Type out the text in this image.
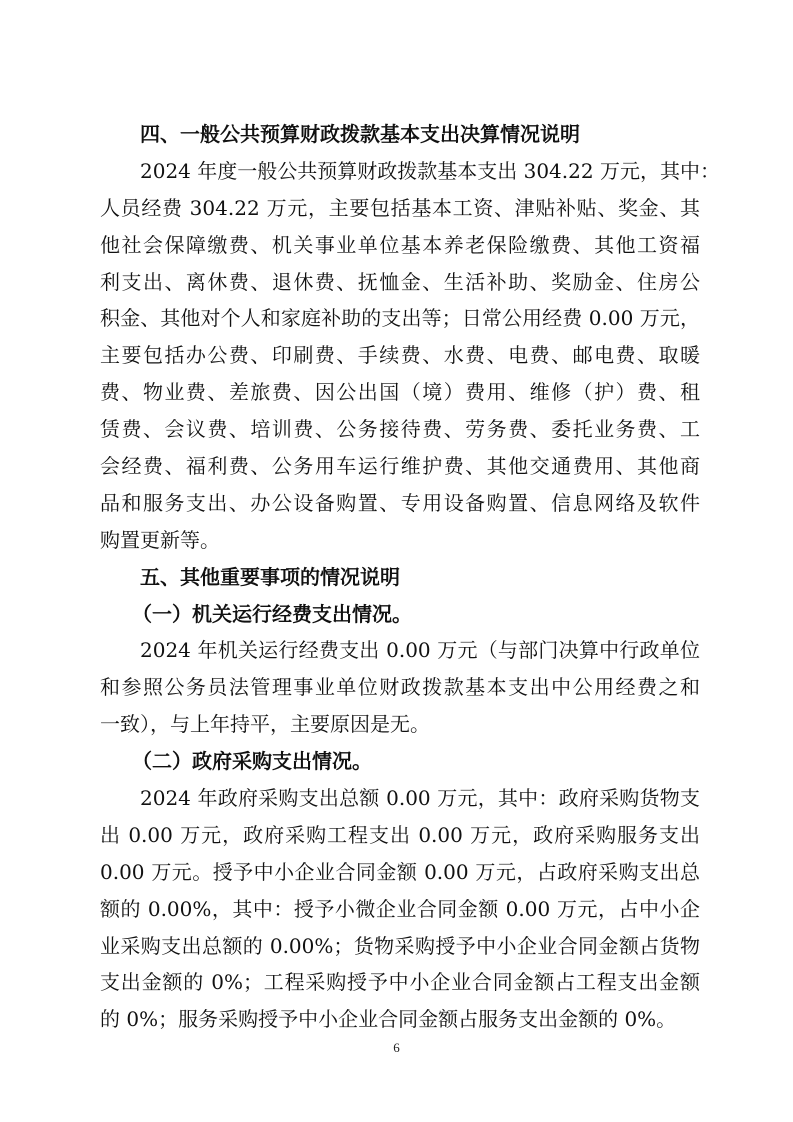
四、一般公共预算财政拨款基本支出决算情况说明
2024 年度一般公共预算财政拨款基本支出 304.22 万元，其中：
人员经费 304.22 万元，主要包括基本工资、津贴补贴、奖金、其
他社会保障缴费、机关事业单位基本养老保险缴费、其他工资福
利支出、离休费、退休费、抚恤金、生活补助、奖励金、住房公
积金、其他对个人和家庭补助的支出等；日常公用经费 0.00 万元，
主要包括办公费、印刷费、手续费、水费、电费、邮电费、取暖
费、物业费、差旅费、因公出国（境）费用、维修（护）费、租
赁费、会议费、培训费、公务接待费、劳务费、委托业务费、工
会经费、福利费、公务用车运行维护费、其他交通费用、其他商
品和服务支出、办公设备购置、专用设备购置、信息网络及软件
购置更新等。
五、其他重要事项的情况说明
（一）机关运行经费支出情况。
2024 年机关运行经费支出 0.00 万元（与部门决算中行政单位
和参照公务员法管理事业单位财政拨款基本支出中公用经费之和
一致），与上年持平，主要原因是无。
（二）政府采购支出情况。
2024 年政府采购支出总额 0.00 万元，其中：政府采购货物支
出 0.00 万元，政府采购工程支出 0.00 万元，政府采购服务支出
0.00 万元。授予中小企业合同金额 0.00 万元，占政府采购支出总
额的 0.00%，其中：授予小微企业合同金额 0.00 万元，占中小企
业采购支出总额的 0.00%；货物采购授予中小企业合同金额占货物
支出金额的 0%；工程采购授予中小企业合同金额占工程支出金额
的 0%；服务采购授予中小企业合同金额占服务支出金额的 0%。
6
